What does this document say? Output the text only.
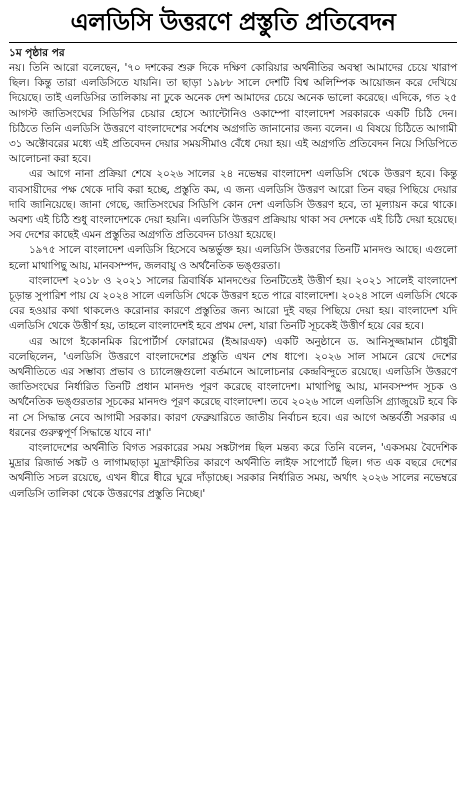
এলডিসি উত্তরণে প্রস্তুতি প্রতিবেদন

১ম পৃষ্ঠার পর

নয়। তিনি আরো বলেছেন, '৭০ দশকের শুরু দিকে দক্ষিণ কোরিয়ার অর্থনীতির অবস্থা আমাদের চেয়ে খারাপ ছিল। কিন্তু তারা এলডিসিতে যায়নি। তা ছাড়া ১৯৮৮ সালে দেশটি বিশ্ব অলিম্পিক আয়োজন করে দেখিয়ে দিয়েছে। তাই এলডিসির তালিকায় না ঢুকে অনেক দেশ আমাদের চেয়ে অনেক ভালো করেছে। এদিকে, গত ২৫ আগস্ট জাতিসংঘের সিডিপির চেয়ার হোসে অ্যান্টোনিও ওকাম্পো বাংলাদেশ সরকারকে একটি চিঠি দেন। চিঠিতে তিনি এলডিসি উত্তরণে বাংলাদেশের সর্বশেষ অগ্রগতি জানানোর জন্য বলেন। এ বিষয়ে চিঠিতে আগামী ৩১ অক্টোবরের মধ্যে এই প্রতিবেদন দেয়ার সময়সীমাও বেঁধে দেয়া হয়। এই অগ্রগতি প্রতিবেদন নিয়ে সিডিপিতে আলোচনা করা হবে।

এর আগে নানা প্রক্রিয়া শেষে ২০২৬ সালের ২৪ নভেম্বর বাংলাদেশ এলডিসি থেকে উত্তরণ হবে। কিন্তু ব্যবসায়ীদের পক্ষ থেকে দাবি করা হচ্ছে, প্রস্তুতি কম, এ জন্য এলডিসি উত্তরণ আরো তিন বছর পিছিয়ে দেয়ার দাবি জানিয়েছে। জানা গেছে, জাতিসংঘের সিডিপি কোন দেশ এলডিসি উত্তরণ হবে, তা মূল্যায়ন করে থাকে। অবশ্য এই চিঠি শুধু বাংলাদেশকে দেয়া হয়নি। এলডিসি উত্তরণ প্রক্রিয়ায় থাকা সব দেশকে এই চিঠি দেয়া হয়েছে। সব দেশের কাছেই এমন প্রস্তুতির অগ্রগতি প্রতিবেদন চাওয়া হয়েছে।

১৯৭৫ সালে বাংলাদেশ এলডিসি হিসেবে অন্তর্ভুক্ত হয়। এলডিসি উত্তরণের তিনটি মানদণ্ড আছে। এগুলো হলো মাথাপিছু আয়, মানবসম্পদ, জলবায়ু ও অর্থনৈতিক ভঙ্গুরতা।

বাংলাদেশ ২০১৮ ও ২০২১ সালের ত্রিবার্ষিক মানদণ্ডের তিনটিতেই উত্তীর্ণ হয়। ২০২১ সালেই বাংলাদেশ চূড়ান্ত সুপারিশ পায় যে ২০২৪ সালে এলডিসি থেকে উত্তরণ হতে পারে বাংলাদেশ। ২০২৪ সালে এলডিসি থেকে বের হওয়ার কথা থাকলেও করোনার কারণে প্রস্তুতির জন্য আরো দুই বছর পিছিয়ে দেয়া হয়। বাংলাদেশ যদি এলডিসি থেকে উত্তীর্ণ হয়, তাহলে বাংলাদেশই হবে প্রথম দেশ, যারা তিনটি সূচকেই উত্তীর্ণ হয়ে বের হবে।

এর আগে ইকোনমিক রিপোর্টার্স ফোরামের (ইআরএফ) একটি অনুষ্ঠানে ড. আনিসুজ্জামান চৌধুরী বলেছিলেন, 'এলডিসি উত্তরণে বাংলাদেশের প্রস্তুতি এখন শেষ ধাপে। ২০২৬ সাল সামনে রেখে দেশের অর্থনীতিতে এর সম্ভাব্য প্রভাব ও চ্যালেঞ্জগুলো বর্তমানে আলোচনার কেন্দ্রবিন্দুতে রয়েছে। এলডিসি উত্তরণে জাতিসংঘের নির্ধারিত তিনটি প্রধান মানদণ্ড পূরণ করেছে বাংলাদেশ। মাথাপিছু আয়, মানবসম্পদ সূচক ও অর্থনৈতিক ভঙ্গুরতার সূচকের মানদণ্ড পূরণ করেছে বাংলাদেশ। তবে ২০২৬ সালে এলডিসি গ্র্যাজুয়েট হবে কি না সে সিদ্ধান্ত নেবে আগামী সরকার। কারণ ফেব্রুয়ারিতে জাতীয় নির্বাচন হবে। এর আগে অন্তর্বর্তী সরকার এ ধরনের গুরুত্বপূর্ণ সিদ্ধান্তে যাবে না।'

বাংলাদেশের অর্থনীতি বিগত সরকারের সময় সঙ্কটাপন্ন ছিল মন্তব্য করে তিনি বলেন, 'একসময় বৈদেশিক মুদ্রার রিজার্ভ সঙ্কট ও লাগামছাড়া মুদ্রাস্ফীতির কারণে অর্থনীতি লাইফ সাপোর্টে ছিল। গত এক বছরে দেশের অর্থনীতি সচল রয়েছে, এখন ধীরে ধীরে ঘুরে দাঁড়াচ্ছে। সরকার নির্ধারিত সময়, অর্থাৎ ২০২৬ সালের নভেম্বরে এলডিসি তালিকা থেকে উত্তরণের প্রস্তুতি নিচ্ছে।'
